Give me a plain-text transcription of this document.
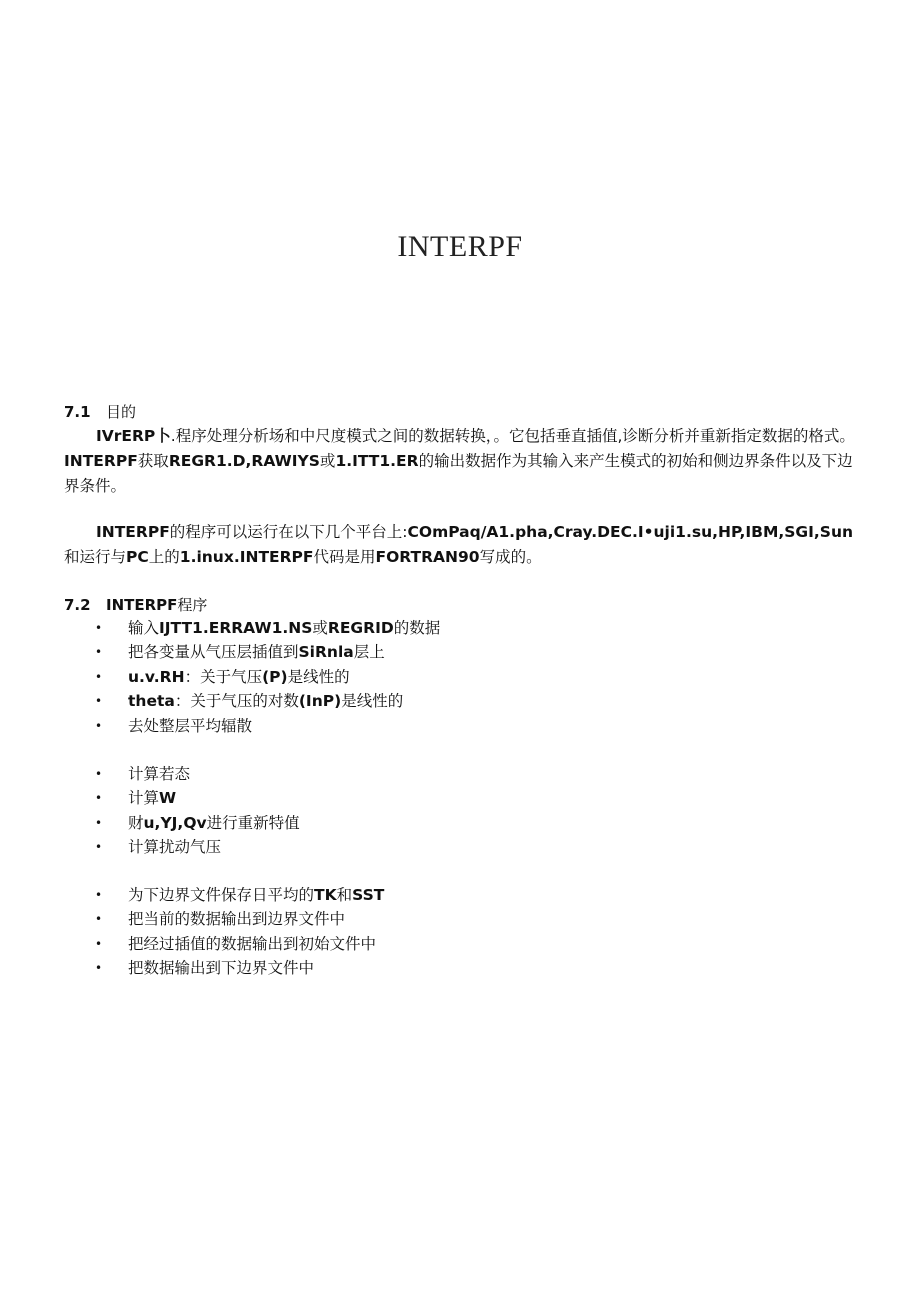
INTERPF
7.1 目的
IVrERP卜.程序处理分析场和中尺度模式之间的数据转换，。它包括垂直插值,诊断分析并重新指定数据的格式。INTERPF获取REGR1.D,RAWIYS或1.ITT1.ER的输出数据作为其输入来产生模式的初始和侧边界条件以及下边界条件。
INTERPF的程序可以运行在以下几个平台上:COmPaq/A1.pha,Cray.DEC.I•uji1.su,HP,IBM,SGI,Sun和运行与PC上的1.inux.INTERPF代码是用FORTRAN90写成的。
7.2 INTERPF程序
• 输入IJTT1.ERRAW1.NS或REGRID的数据
• 把各变量从气压层插值到SiRnla层上
• u.v.RH：关于气压(P)是线性的
• theta：关于气压的对数(InP)是线性的
• 去处整层平均辐散
• 计算若态
• 计算W
• 财u,YJ,Qv进行重新特值
• 计算扰动气压
• 为下边界文件保存日平均的TK和SST
• 把当前的数据输出到边界文件中
• 把经过插值的数据输出到初始文件中
• 把数据输出到下边界文件中
